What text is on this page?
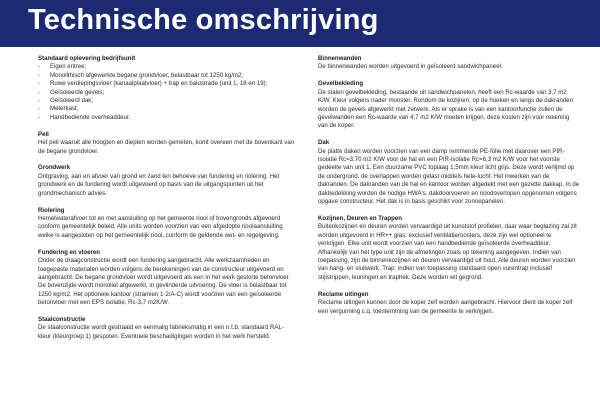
Technische omschrijving

Standaard oplevering bedrijfsunit

- Eigen entree;
- Monolithisch afgewerkte begane grondvloer, belastbaar tot 1250 kg/m2;
- Ruwe verdiepingsvloer (kanaalplaatvloer) + trap en balustrade (unit 1, 18 en 19);
- Geïsoleerde gevels;
- Geïsoleerd dak;
- Meterkast;
- Handbediende overheaddeur.

Peil

Het peil waaruit alle hoogten en diepten worden gemeten, komt overeen met de bovenkant van de begane grondvloer.

Grondwerk

Ontgraving, aan en afvoer van grond en zand ten behoeve van fundering en riolering. Het grondwerk en de fundering wordt uitgevoerd op basis van de uitgangspunten uit het grondmechanisch advies.

Riolering

Hemelwaterafvoer tot en met aansluiting op het gemeente riool of bovengronds afgevoerd conform gemeentelijk beleid. Alle units worden voorzien van een afgedopte rioolaansluiting welke is aangesloten op het gemeentelijk riool, conform de geldende wet- en regelgeving.

Fundering en vloeren

Onder de draagconstructie wordt een fundering aangebracht. Alle werkzaamheden en toegepaste materialen worden volgens de berekeningen van de constructeur uitgevoerd en aangebracht. De begane grondvloer wordt uitgevoerd als een in het werk gestorte betonvloer. De bovenzijde wordt monoliet afgewerkt, in gevlinderde uitvoering. De vloer is belastbaar tot 1250 kg/m2. Het optionele kantoor (stramien 1-2/A-C) wordt voorzien van een geïsoleerde betonvloer met een EPS isolatie, Rc-3,7 m2K/W.

Staalconstructie

De staalconstructie wordt gestraald en eenmalig fabrieksmatig in een n.t.b. standaard RAL-kleur (kleurgroep 1) gespoten. Eventuele beschadigingen worden in het werk hersteld.

Binnenwanden

De binnenwanden worden uitgevoerd in geïsoleerd sandwichpaneel.

Gevelbekleding

De stalen gevelbekleding, bestaande uit sandwichpanelen, heeft een Rc-waarde van 3,7 m2 K/W. Kleur volgens nader monster. Rondom de kozijnen, op de hoeken en langs de dakranden worden de gevels afgewerkt met zetwerk. Als er sprake is van een kantoorfunctie zullen de gevelwanden een Rc-waarde van 4,7 m2 K/W moeten krijgen, deze kosten zijn voor rekening van de koper.

Dak

De platte daken worden voorzien van een damp remmende PE-folie met daarover een PIR-isolatie Rc=3,70 m2 K/W voor de hal en een PIR-isolatie Rc=6,3 m2 K/W voor het voorste gedeelte van unit 1. Een duurzame PVC toplaag 1,5mm kleur licht grijs. Deze wordt verlijmd op de ondergrond, de overlappen worden gelast middels hete-lucht. Het inwerken van de dakranden. De dakranden van de hal en kantoor worden afgedekt met een gezette dakkap. In de dakbedekking worden de nodige HWA's, dakdoorvoeren en noodoverlopen opgenomen volgens opgave constructeur. Het dak is in basis geschikt voor zonnepanelen.

Kozijnen, Deuren en Trappen

Buitenkozijnen en deuren worden vervaardigd uit kunststof profielen, daar waar beglazing zal zit worden uitgevoerd in HR++ glas, exclusief ventilatieroosters, deze zijn wel optioneel te verkrijgen. Elke unit wordt voorzien van een handbediende geïsoleerde overheaddeur. Afhankelijk van het type unit zijn de afmetingen zoals op tekening aangegeven. Indien van toepassing, zijn de binnenkozijnen en deuren vervaardigd uit hout. Alle deuren worden voorzien van hang- en sluitwerk. Trap: indien van toepassing standaard open vurentrap inclusief stijlstrippen, leuningen en traphek. Deze worden wit gegrond.

Reclame uitingen

Reclame uitingen kunnen door de koper zelf worden aangebracht. Hiervoor dient de koper zelf een vergunning c.q. toestemming van de gemeente te verkrijgen.
